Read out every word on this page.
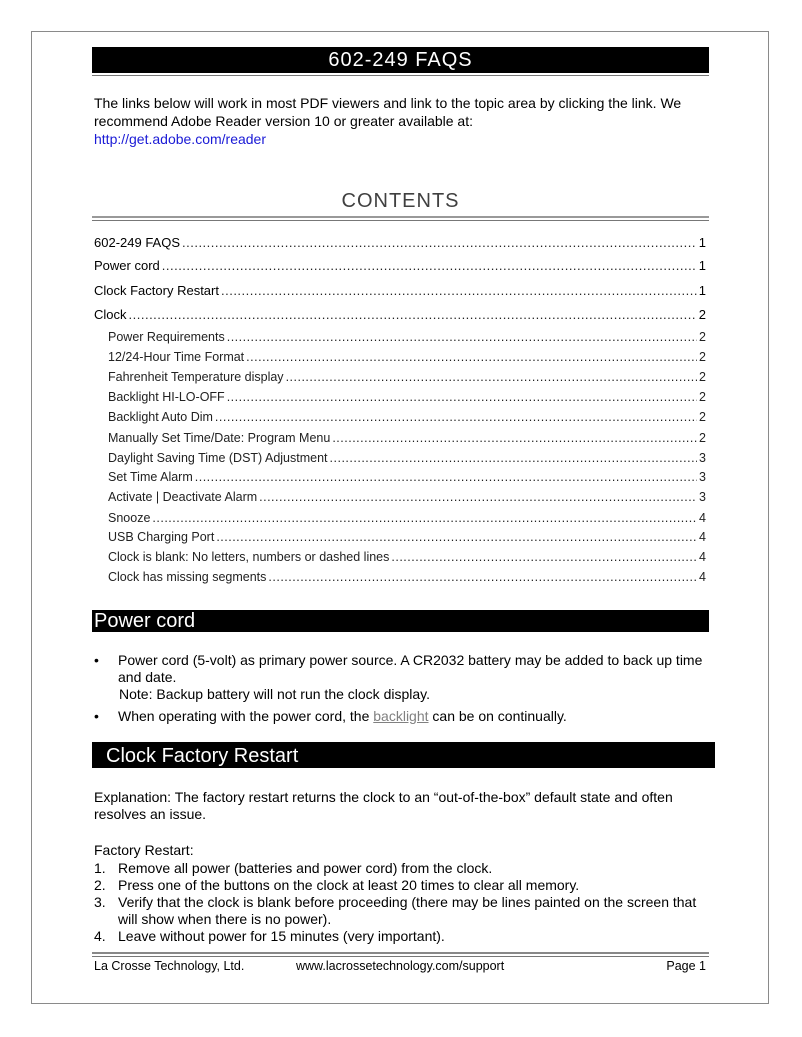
602-249 FAQS
The links below will work in most PDF viewers and link to the topic area by clicking the link. We recommend Adobe Reader version 10 or greater available at:
http://get.adobe.com/reader
CONTENTS
602-249 FAQS .....	1
Power cord .....	1
Clock Factory Restart .....	1
Clock .....	2
Power Requirements .....	2
12/24-Hour Time Format .....	2
Fahrenheit Temperature display .....	2
Backlight HI-LO-OFF .....	2
Backlight Auto Dim .....	2
Manually Set Time/Date: Program Menu .....	2
Daylight Saving Time (DST) Adjustment .....	3
Set Time Alarm .....	3
Activate | Deactivate Alarm .....	3
Snooze .....	4
USB Charging Port .....	4
Clock is blank: No letters, numbers or dashed lines .....	4
Clock has missing segments .....	4
Power cord
• Power cord (5-volt) as primary power source. A CR2032 battery may be added to back up time and date.
Note: Backup battery will not run the clock display.
• When operating with the power cord, the backlight can be on continually.
Clock Factory Restart
Explanation: The factory restart returns the clock to an “out-of-the-box” default state and often resolves an issue.
Factory Restart:
1. Remove all power (batteries and power cord) from the clock.
2. Press one of the buttons on the clock at least 20 times to clear all memory.
3. Verify that the clock is blank before proceeding (there may be lines painted on the screen that will show when there is no power).
4. Leave without power for 15 minutes (very important).
La Crosse Technology, Ltd.	www.lacrossetechnology.com/support	Page 1
